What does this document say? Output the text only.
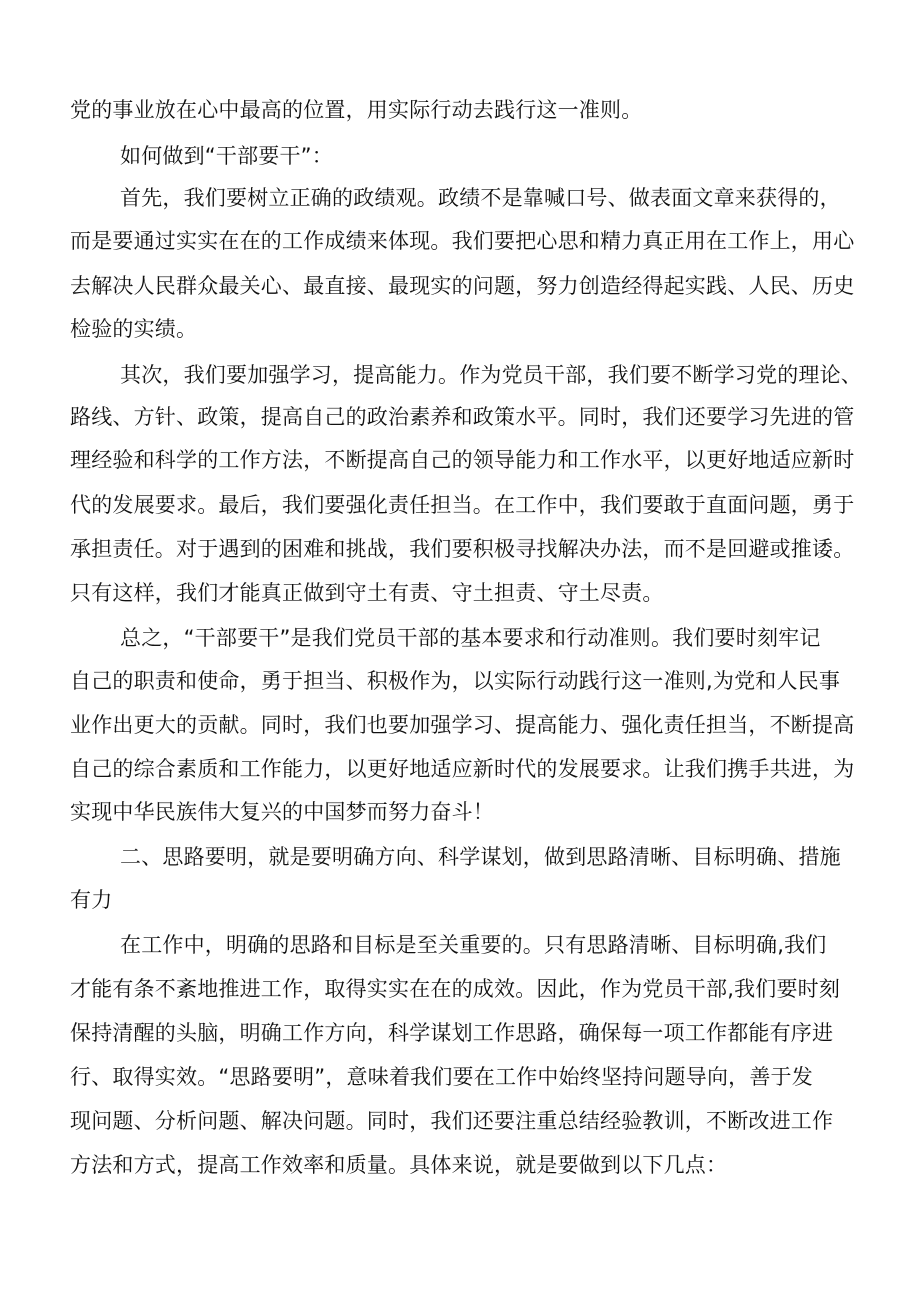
党的事业放在心中最高的位置，用实际行动去践行这一准则。
如何做到“干部要干”：
首先，我们要树立正确的政绩观。政绩不是靠喊口号、做表面文章来获得的，
而是要通过实实在在的工作成绩来体现。我们要把心思和精力真正用在工作上，用心
去解决人民群众最关心、最直接、最现实的问题，努力创造经得起实践、人民、历史
检验的实绩。
其次，我们要加强学习，提高能力。作为党员干部，我们要不断学习党的理论、
路线、方针、政策，提高自己的政治素养和政策水平。同时，我们还要学习先进的管
理经验和科学的工作方法，不断提高自己的领导能力和工作水平，以更好地适应新时
代的发展要求。最后，我们要强化责任担当。在工作中，我们要敢于直面问题，勇于
承担责任。对于遇到的困难和挑战，我们要积极寻找解决办法，而不是回避或推诿。
只有这样，我们才能真正做到守土有责、守土担责、守土尽责。
总之，“干部要干”是我们党员干部的基本要求和行动准则。我们要时刻牢记
自己的职责和使命，勇于担当、积极作为，以实际行动践行这一准则,为党和人民事
业作出更大的贡献。同时，我们也要加强学习、提高能力、强化责任担当，不断提高
自己的综合素质和工作能力，以更好地适应新时代的发展要求。让我们携手共进，为
实现中华民族伟大复兴的中国梦而努力奋斗！
二、思路要明，就是要明确方向、科学谋划，做到思路清晰、目标明确、措施
有力
在工作中，明确的思路和目标是至关重要的。只有思路清晰、目标明确,我们
才能有条不紊地推进工作，取得实实在在的成效。因此，作为党员干部,我们要时刻
保持清醒的头脑，明确工作方向，科学谋划工作思路，确保每一项工作都能有序进
行、取得实效。“思路要明”，意味着我们要在工作中始终坚持问题导向，善于发
现问题、分析问题、解决问题。同时，我们还要注重总结经验教训，不断改进工作
方法和方式，提高工作效率和质量。具体来说，就是要做到以下几点：
